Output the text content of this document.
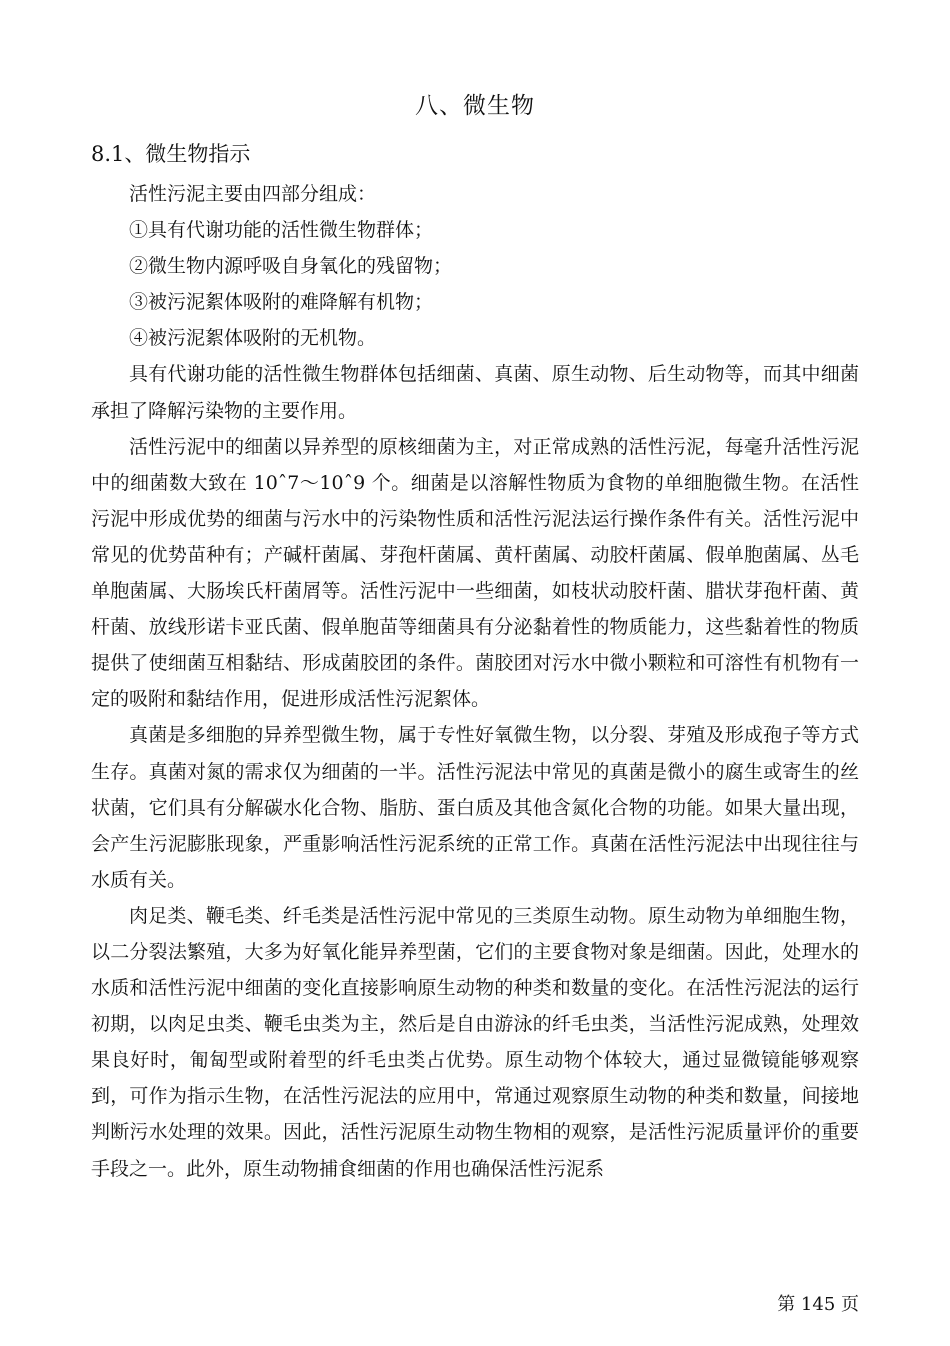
八、微生物
8.1、微生物指示

活性污泥主要由四部分组成：

①具有代谢功能的活性微生物群体；

②微生物内源呼吸自身氧化的残留物；

③被污泥絮体吸附的难降解有机物；

④被污泥絮体吸附的无机物。

具有代谢功能的活性微生物群体包括细菌、真菌、原生动物、后生动物等，而其中细菌承担了降解污染物的主要作用。

活性污泥中的细菌以异养型的原核细菌为主，对正常成熟的活性污泥，每毫升活性污泥中的细菌数大致在 10ˆ7～10ˆ9 个。细菌是以溶解性物质为食物的单细胞微生物。在活性污泥中形成优势的细菌与污水中的污染物性质和活性污泥法运行操作条件有关。活性污泥中常见的优势苗种有；产碱杆菌属、芽孢杆菌属、黄杆菌属、动胶杆菌属、假单胞菌属、丛毛单胞菌属、大肠埃氏杆菌屑等。活性污泥中一些细菌，如枝状动胶杆菌、腊状芽孢杆菌、黄杆菌、放线形诺卡亚氏菌、假单胞苗等细菌具有分泌黏着性的物质能力，这些黏着性的物质提供了使细菌互相黏结、形成菌胶团的条件。菌胶团对污水中微小颗粒和可溶性有机物有一定的吸附和黏结作用，促进形成活性污泥絮体。

真菌是多细胞的异养型微生物，属于专性好氧微生物，以分裂、芽殖及形成孢子等方式生存。真菌对氮的需求仅为细菌的一半。活性污泥法中常见的真菌是微小的腐生或寄生的丝状菌，它们具有分解碳水化合物、脂肪、蛋白质及其他含氮化合物的功能。如果大量出现，会产生污泥膨胀现象，严重影响活性污泥系统的正常工作。真菌在活性污泥法中出现往往与水质有关。

肉足类、鞭毛类、纤毛类是活性污泥中常见的三类原生动物。原生动物为单细胞生物，以二分裂法繁殖，大多为好氧化能异养型菌，它们的主要食物对象是细菌。因此，处理水的水质和活性污泥中细菌的变化直接影响原生动物的种类和数量的变化。在活性污泥法的运行初期，以肉足虫类、鞭毛虫类为主，然后是自由游泳的纤毛虫类，当活性污泥成熟，处理效果良好时，匍匐型或附着型的纤毛虫类占优势。原生动物个体较大，通过显微镜能够观察到，可作为指示生物，在活性污泥法的应用中，常通过观察原生动物的种类和数量，间接地判断污水处理的效果。因此，活性污泥原生动物生物相的观察，是活性污泥质量评价的重要手段之一。此外，原生动物捕食细菌的作用也确保活性污泥系

第 145 页
